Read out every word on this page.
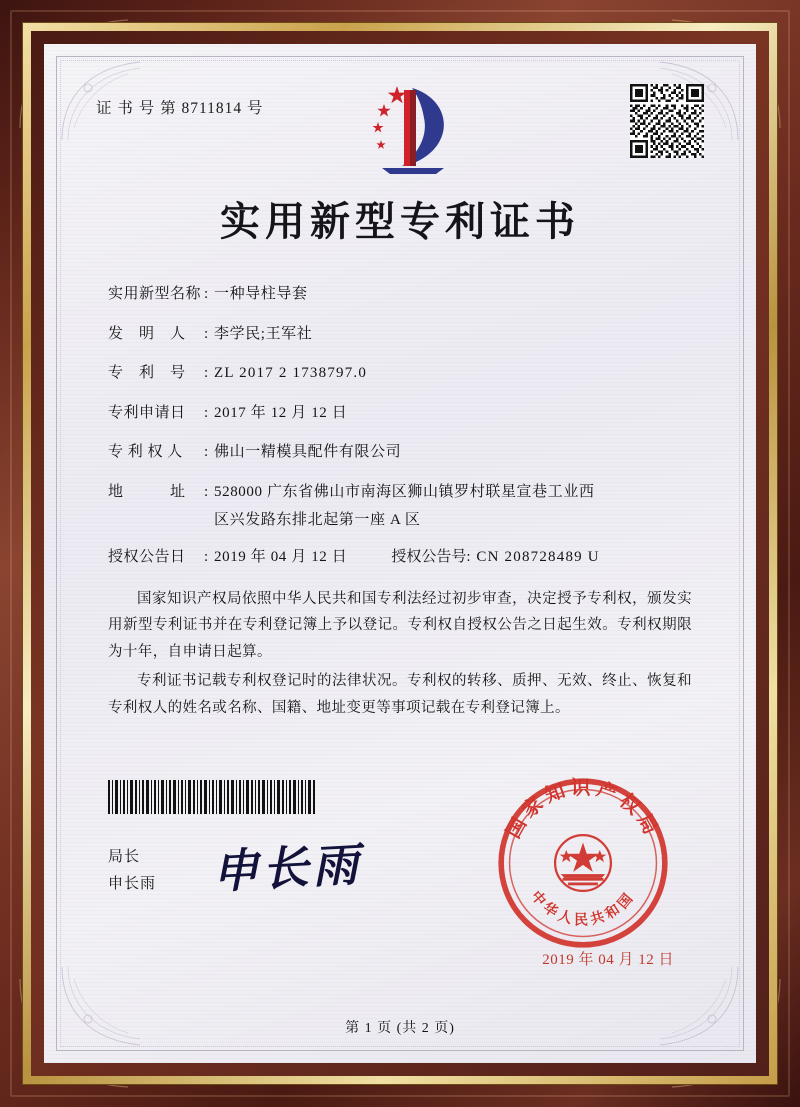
证 书 号 第 8711814 号
实用新型专利证书
实用新型名称 : 一种导柱导套
发　明　人	: 李学民;王军社
专　利　号	: ZL 2017 2 1738797.0
专利申请日	: 2017 年 12 月 12 日
专 利 权 人	: 佛山一精模具配件有限公司
地　　　址	: 528000 广东省佛山市南海区狮山镇罗村联星宣巷工业西
区兴发路东排北起第一座 A 区
授权公告日	: 2019 年 04 月 12 日	授权公告号 : CN 208728489 U

国家知识产权局依照中华人民共和国专利法经过初步审查，决定授予专利权，颁发实用新型专利证书并在专利登记簿上予以登记。专利权自授权公告之日起生效。专利权期限为十年，自申请日起算。

专利证书记载专利权登记时的法律状况。专利权的转移、质押、无效、终止、恢复和专利权人的姓名或名称、国籍、地址变更等事项记载在专利登记簿上。

局长
申长雨 申长雨
国家知识产权局
中华人民共和国
2019 年 04 月 12 日
第 1 页 (共 2 页)
